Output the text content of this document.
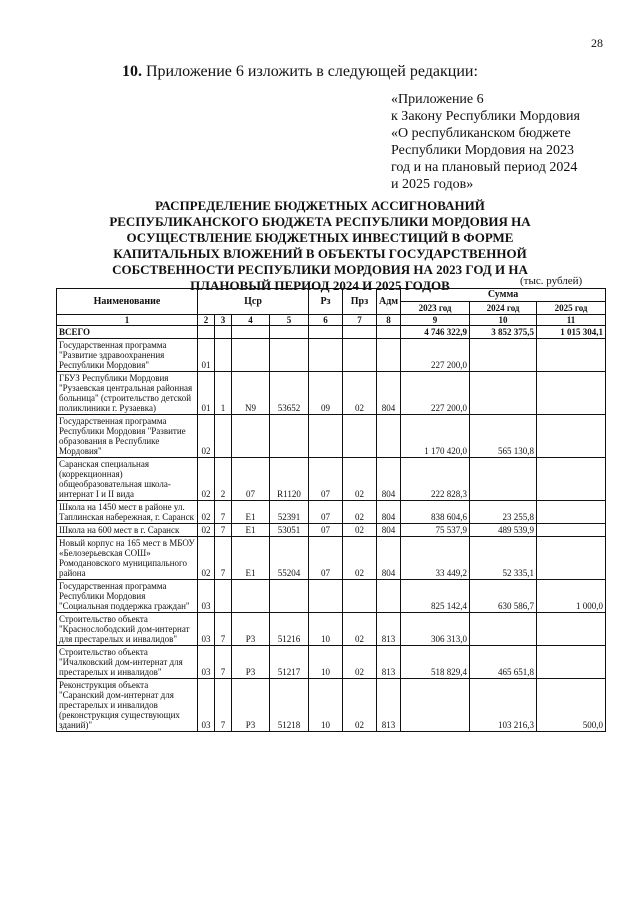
28
10. Приложение 6 изложить в следующей редакции:
«Приложение 6
к Закону Республики Мордовия
«О республиканском бюджете
Республики Мордовия на 2023
год и на плановый период 2024
и 2025 годов»
РАСПРЕДЕЛЕНИЕ БЮДЖЕТНЫХ АССИГНОВАНИЙ РЕСПУБЛИКАНСКОГО БЮДЖЕТА РЕСПУБЛИКИ МОРДОВИЯ НА ОСУЩЕСТВЛЕНИЕ БЮДЖЕТНЫХ ИНВЕСТИЦИЙ В ФОРМЕ КАПИТАЛЬНЫХ ВЛОЖЕНИЙ В ОБЪЕКТЫ ГОСУДАРСТВЕННОЙ СОБСТВЕННОСТИ РЕСПУБЛИКИ МОРДОВИЯ НА 2023 ГОД И НА ПЛАНОВЫЙ ПЕРИОД 2024 И 2025 ГОДОВ	(тыс. рублей)
Наименование	Цср				Рз	Прз	Адм	Сумма		
								2023 год	2024 год	2025 год
1	2	3	4	5	6	7	8	9	10	11
ВСЕГО								4 746 322,9	3 852 375,5	1 015 304,1
Государственная программа "Развитие здравоохранения Республики Мордовия"	01							227 200,0		
ГБУЗ Республики Мордовия "Рузаевская центральная районная больница" (строительство детской поликлиники г. Рузаевка)	01	1	N9	53652	09	02	804	227 200,0		
Государственная программа Республики Мордовия "Развитие образования в Республике Мордовия"	02							1 170 420,0	565 130,8	
Саранская специальная (коррекционная) общеобразовательная школа-интернат I и II вида	02	2	07	R1120	07	02	804	222 828,3		
Школа на 1450 мест в районе ул. Таплинская набережная, г. Саранск	02	7	E1	52391	07	02	804	838 604,6	23 255,8	
Школа на 600 мест в г. Саранск	02	7	E1	53051	07	02	804	75 537,9	489 539,9	
Новый корпус на 165 мест в МБОУ «Белозерьевская СОШ» Ромодановского муниципального района	02	7	E1	55204	07	02	804	33 449,2	52 335,1	
Государственная программа Республики Мордовия "Социальная поддержка граждан"	03							825 142,4	630 586,7	1 000,0
Строительство объекта "Краснослободский дом-интернат для престарелых и инвалидов"	03	7	P3	51216	10	02	813	306 313,0		
Строительство объекта "Ичалковский дом-интернат для престарелых и инвалидов"	03	7	P3	51217	10	02	813	518 829,4	465 651,8	
Реконструкция объекта "Саранский дом-интернат для престарелых и инвалидов (реконструкция существующих зданий)"	03	7	P3	51218	10	02	813		103 216,3	500,0
